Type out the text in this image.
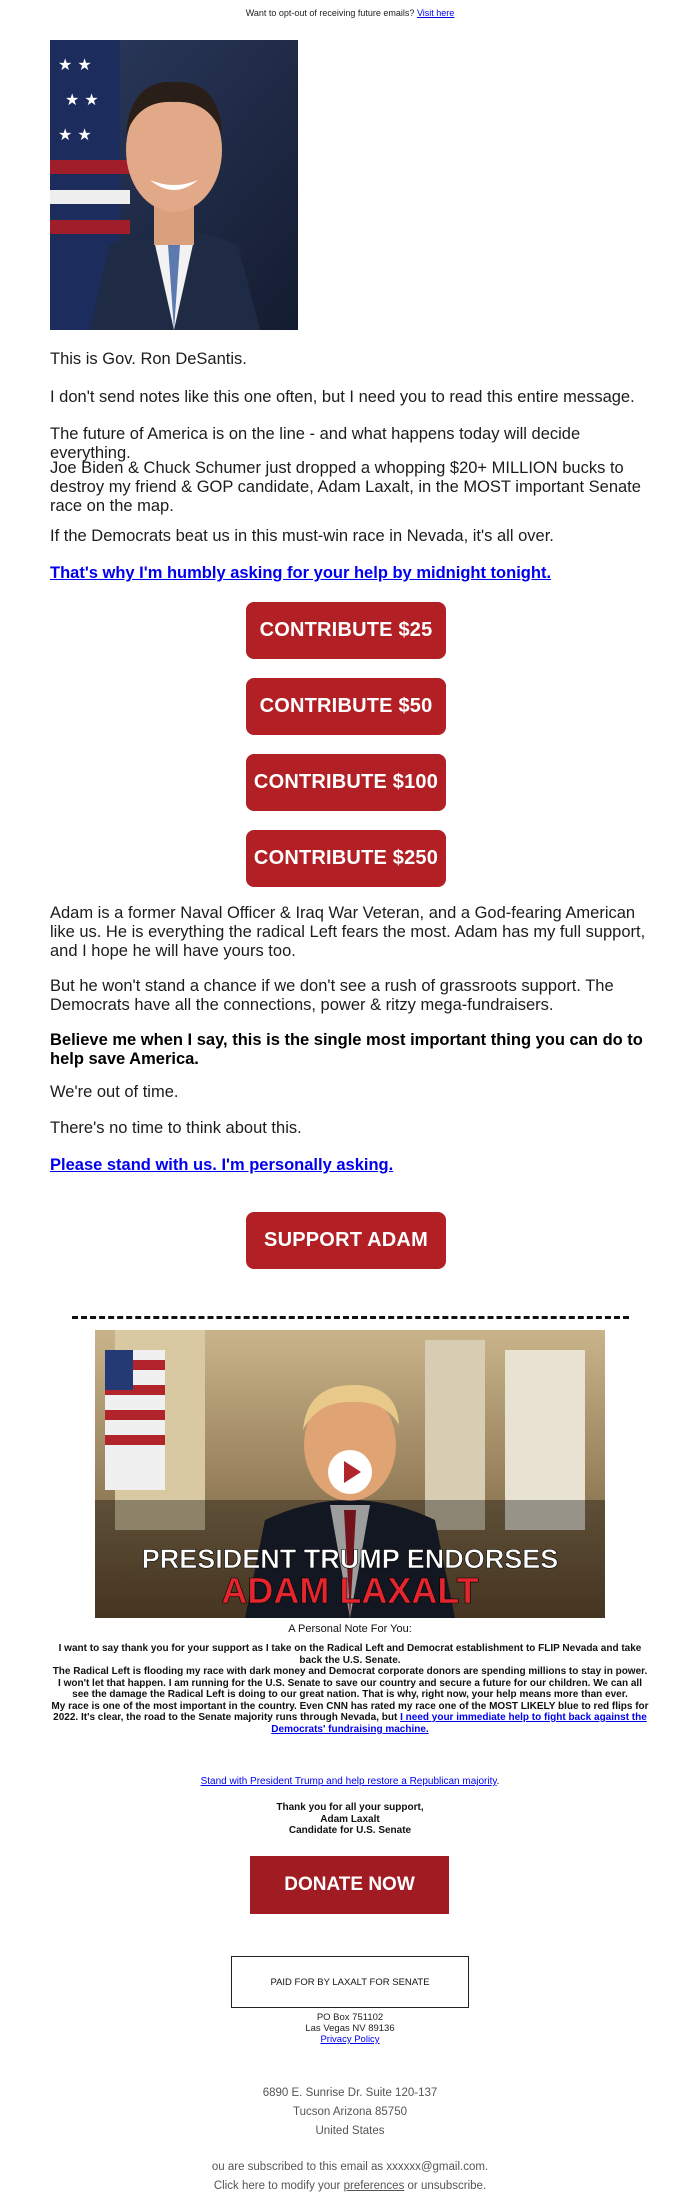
Want to opt-out of receiving future emails? Visit here
★ ★
★ ★
★ ★

This is Gov. Ron DeSantis.

I don't send notes like this one often, but I need you to read this entire message.

The future of America is on the line - and what happens today will decide everything.

Joe Biden & Chuck Schumer just dropped a whopping $20+ MILLION bucks to destroy my friend & GOP candidate, Adam Laxalt, in the MOST important Senate race on the map.

If the Democrats beat us in this must-win race in Nevada, it's all over.

That's why I'm humbly asking for your help by midnight tonight.
CONTRIBUTE $25
CONTRIBUTE $50
CONTRIBUTE $100
CONTRIBUTE $250

Adam is a former Naval Officer & Iraq War Veteran, and a God-fearing American like us. He is everything the radical Left fears the most. Adam has my full support, and I hope he will have yours too.

But he won't stand a chance if we don't see a rush of grassroots support. The Democrats have all the connections, power & ritzy mega-fundraisers.

Believe me when I say, this is the single most important thing you can do to help save America.

We're out of time.

There's no time to think about this.

Please stand with us. I'm personally asking.
SUPPORT ADAM
PRESIDENT TRUMP ENDORSES
ADAM LAXALT
A Personal Note For You:
I want to say thank you for your support as I take on the Radical Left and Democrat establishment to FLIP Nevada and take back the U.S. Senate.
The Radical Left is flooding my race with dark money and Democrat corporate donors are spending millions to stay in power.
I won't let that happen. I am running for the U.S. Senate to save our country and secure a future for our children. We can all see the damage the Radical Left is doing to our great nation. That is why, right now, your help means more than ever.
My race is one of the most important in the country. Even CNN has rated my race one of the MOST LIKELY blue to red flips for 2022. It's clear, the road to the Senate majority runs through Nevada, but I need your immediate help to fight back against the Democrats' fundraising machine.
Stand with President Trump and help restore a Republican majority.
Thank you for all your support,
Adam Laxalt
Candidate for U.S. Senate
DONATE NOW
PAID FOR BY LAXALT FOR SENATE
PO Box 751102
Las Vegas NV 89136
Privacy Policy
6890 E. Sunrise Dr. Suite 120-137
Tucson Arizona 85750
United States
ou are subscribed to this email as xxxxxx@gmail.com.
Click here to modify your preferences or unsubscribe.
